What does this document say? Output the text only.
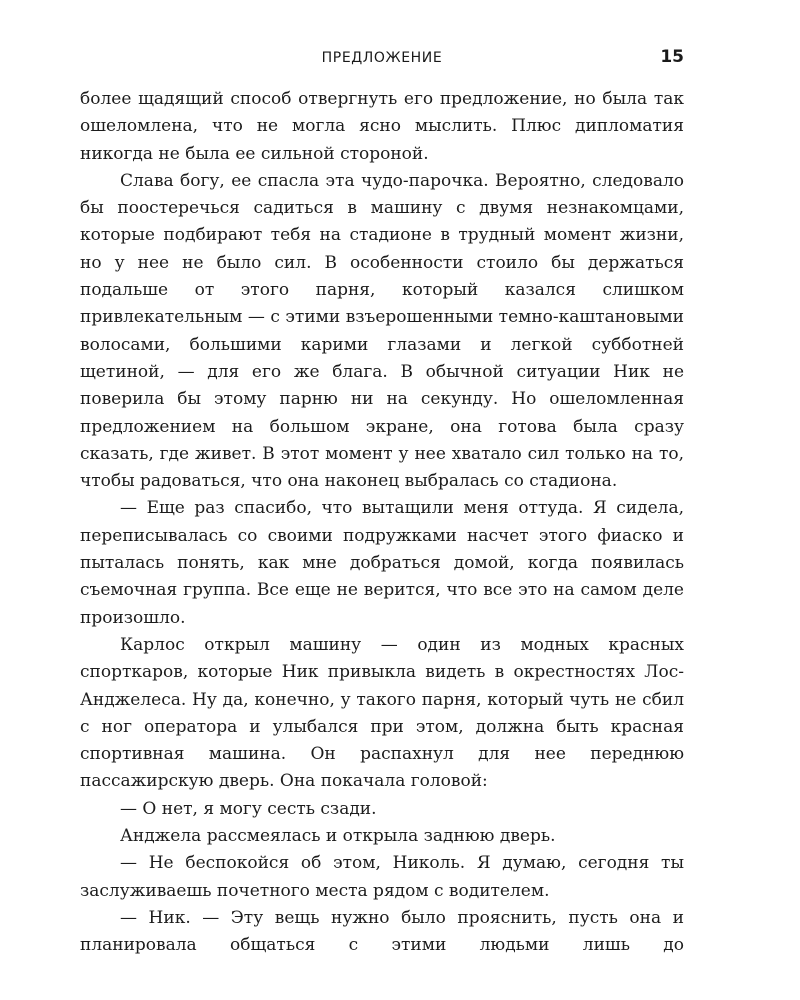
ПРЕДЛОЖЕНИЕ	15

более щадящий способ отвергнуть его предложение, но была так ошеломлена, что не могла ясно мыслить. Плюс дипломатия никогда не была ее сильной стороной.

Слава богу, ее спасла эта чудо-парочка. Вероятно, следовало бы поостеречься садиться в машину с двумя незнакомцами, которые подбирают тебя на стадионе в трудный момент жизни, но у нее не было сил. В особенности стоило бы держаться подальше от этого парня, который казался слишком привлекательным — с этими взъерошенными темно-каштановыми волосами, большими карими глазами и легкой субботней щетиной, — для его же блага. В обычной ситуации Ник не поверила бы этому парню ни на секунду. Но ошеломленная предложением на большом экране, она готова была сразу сказать, где живет. В этот момент у нее хватало сил только на то, чтобы радоваться, что она наконец выбралась со стадиона.

— Еще раз спасибо, что вытащили меня оттуда. Я сидела, переписывалась со своими подружками насчет этого фиаско и пыталась понять, как мне добраться домой, когда появилась съемочная группа. Все еще не верится, что все это на самом деле произошло.

Карлос открыл машину — один из модных красных спорткаров, которые Ник привыкла видеть в окрестностях Лос-Анджелеса. Ну да, конечно, у такого парня, который чуть не сбил с ног оператора и улыбался при этом, должна быть красная спортивная машина. Он распахнул для нее переднюю пассажирскую дверь. Она покачала головой:

— О нет, я могу сесть сзади.

Анджела рассмеялась и открыла заднюю дверь.

— Не беспокойся об этом, Николь. Я думаю, сегодня ты заслуживаешь почетного места рядом с водителем.

— Ник. — Эту вещь нужно было прояснить, пусть она и планировала общаться с этими людьми лишь до
